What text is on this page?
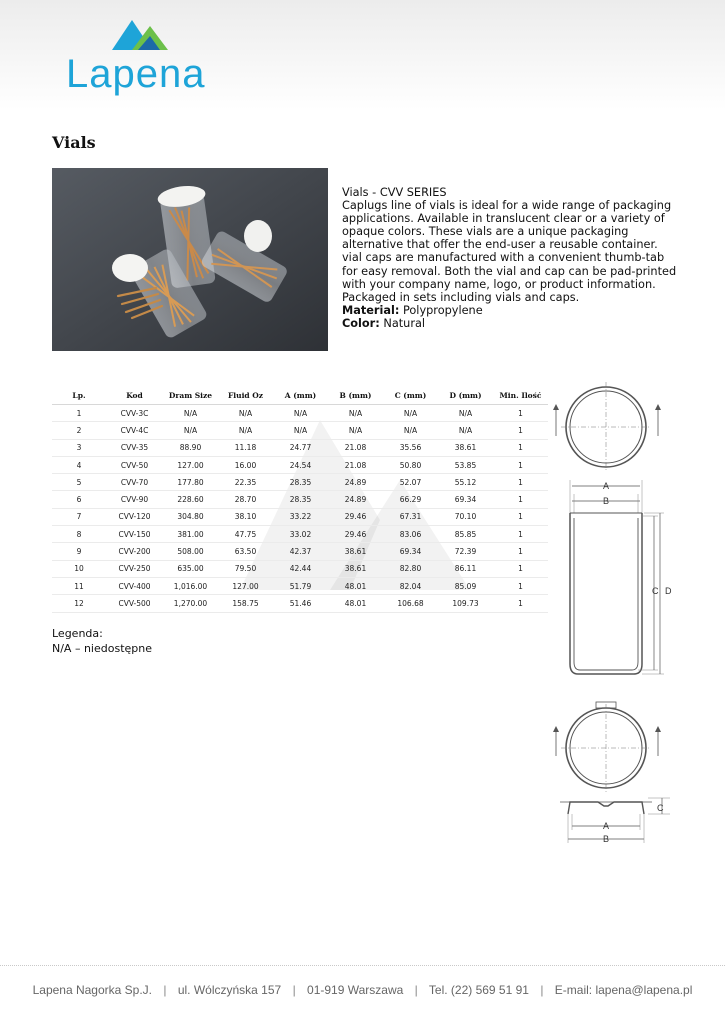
Lapena
Vials
Vials - CVV SERIES
Caplugs line of vials is ideal for a wide range of packaging
applications. Available in translucent clear or a variety of
opaque colors. These vials are a unique packaging
alternative that offer the end-user a reusable container.
vial caps are manufactured with a convenient thumb-tab
for easy removal. Both the vial and cap can be pad-printed
with your company name, logo, or product information.
Packaged in sets including vials and caps.
Material: Polypropylene
Color: Natural
Lp.	Kod	Dram Size	Fluid Oz	A (mm)	B (mm)	C (mm)	D (mm)	Min. Ilość
1	CVV-3C	N/A	N/A	N/A	N/A	N/A	N/A	1
2	CVV-4C	N/A	N/A	N/A	N/A	N/A	N/A	1
3	CVV-35	88.90	11.18	24.77	21.08	35.56	38.61	1
4	CVV-50	127.00	16.00	24.54	21.08	50.80	53.85	1
5	CVV-70	177.80	22.35	28.35	24.89	52.07	55.12	1
6	CVV-90	228.60	28.70	28.35	24.89	66.29	69.34	1
7	CVV-120	304.80	38.10	33.22	29.46	67.31	70.10	1
8	CVV-150	381.00	47.75	33.02	29.46	83.06	85.85	1
9	CVV-200	508.00	63.50	42.37	38.61	69.34	72.39	1
10	CVV-250	635.00	79.50	42.44	38.61	82.80	86.11	1
11	CVV-400	1,016.00	127.00	51.79	48.01	82.04	85.09	1
12	CVV-500	1,270.00	158.75	51.46	48.01	106.68	109.73	1
Legenda:
N/A – niedostępne
A
B
C D
A
B
C
Lapena Nagorka Sp.J. | ul. Wólczyńska 157 | 01-919 Warszawa | Tel. (22) 569 51 91 | E-mail: lapena@lapena.pl
